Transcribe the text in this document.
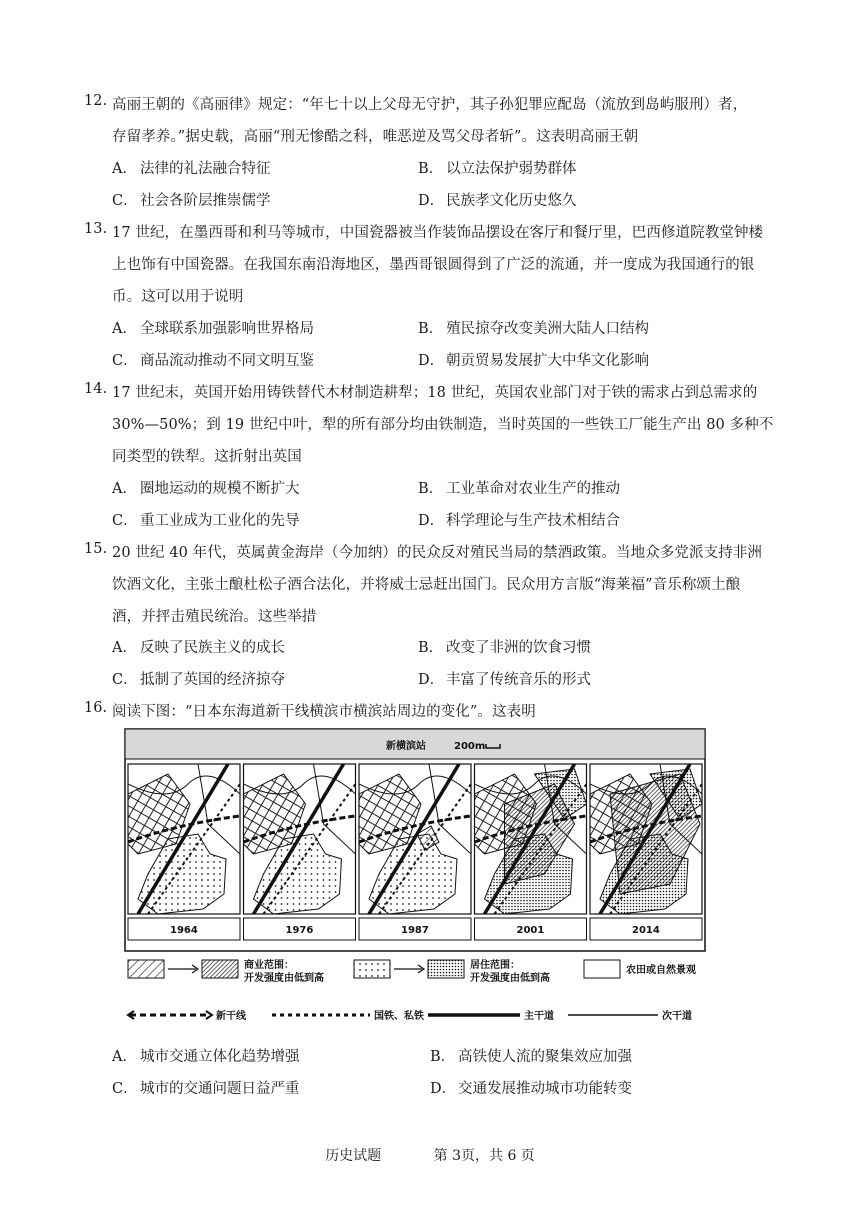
12. 高丽王朝的《高丽律》规定：“年七十以上父母无守护，其子孙犯罪应配岛（流放到岛屿服刑）者，
存留孝养。”据史载，高丽“刑无惨酷之科，唯恶逆及骂父母者斩”。这表明高丽王朝
A． 法律的礼法融合特征	B． 以立法保护弱势群体
C． 社会各阶层推崇儒学	D． 民族孝文化历史悠久
13. 17 世纪，在墨西哥和利马等城市，中国瓷器被当作装饰品摆设在客厅和餐厅里，巴西修道院教堂钟楼
上也饰有中国瓷器。在我国东南沿海地区，墨西哥银圆得到了广泛的流通，并一度成为我国通行的银
币。这可以用于说明
A． 全球联系加强影响世界格局	B． 殖民掠夺改变美洲大陆人口结构
C． 商品流动推动不同文明互鉴	D． 朝贡贸易发展扩大中华文化影响
14. 17 世纪末，英国开始用铸铁替代木材制造耕犁；18 世纪，英国农业部门对于铁的需求占到总需求的
30%—50%；到 19 世纪中叶，犁的所有部分均由铁制造，当时英国的一些铁工厂能生产出 80 多种不
同类型的铁犁。这折射出英国
A． 圈地运动的规模不断扩大	B． 工业革命对农业生产的推动
C． 重工业成为工业化的先导	D． 科学理论与生产技术相结合
15. 20 世纪 40 年代，英属黄金海岸（今加纳）的民众反对殖民当局的禁酒政策。当地众多党派支持非洲
饮酒文化，主张土酿杜松子酒合法化，并将威士忌赶出国门。民众用方言版“海莱福”音乐称颂土酿
酒，并抨击殖民统治。这些举措
A． 反映了民族主义的成长	B． 改变了非洲的饮食习惯
C． 抵制了英国的经济掠夺	D． 丰富了传统音乐的形式
16. 阅读下图：“日本东海道新干线横滨市横滨站周边的变化”。这表明
新横滨站	200m
1964	1976	1987	2001	2014
商业范围：
开发强度由低到高
居住范围：
开发强度由低到高
农田或自然景观
新干线	国铁、私铁	主干道	次干道
A． 城市交通立体化趋势增强	B． 高铁使人流的聚集效应加强
C． 城市的交通问题日益严重	D． 交通发展推动城市功能转变
历史试题	第 3页，共 6 页
